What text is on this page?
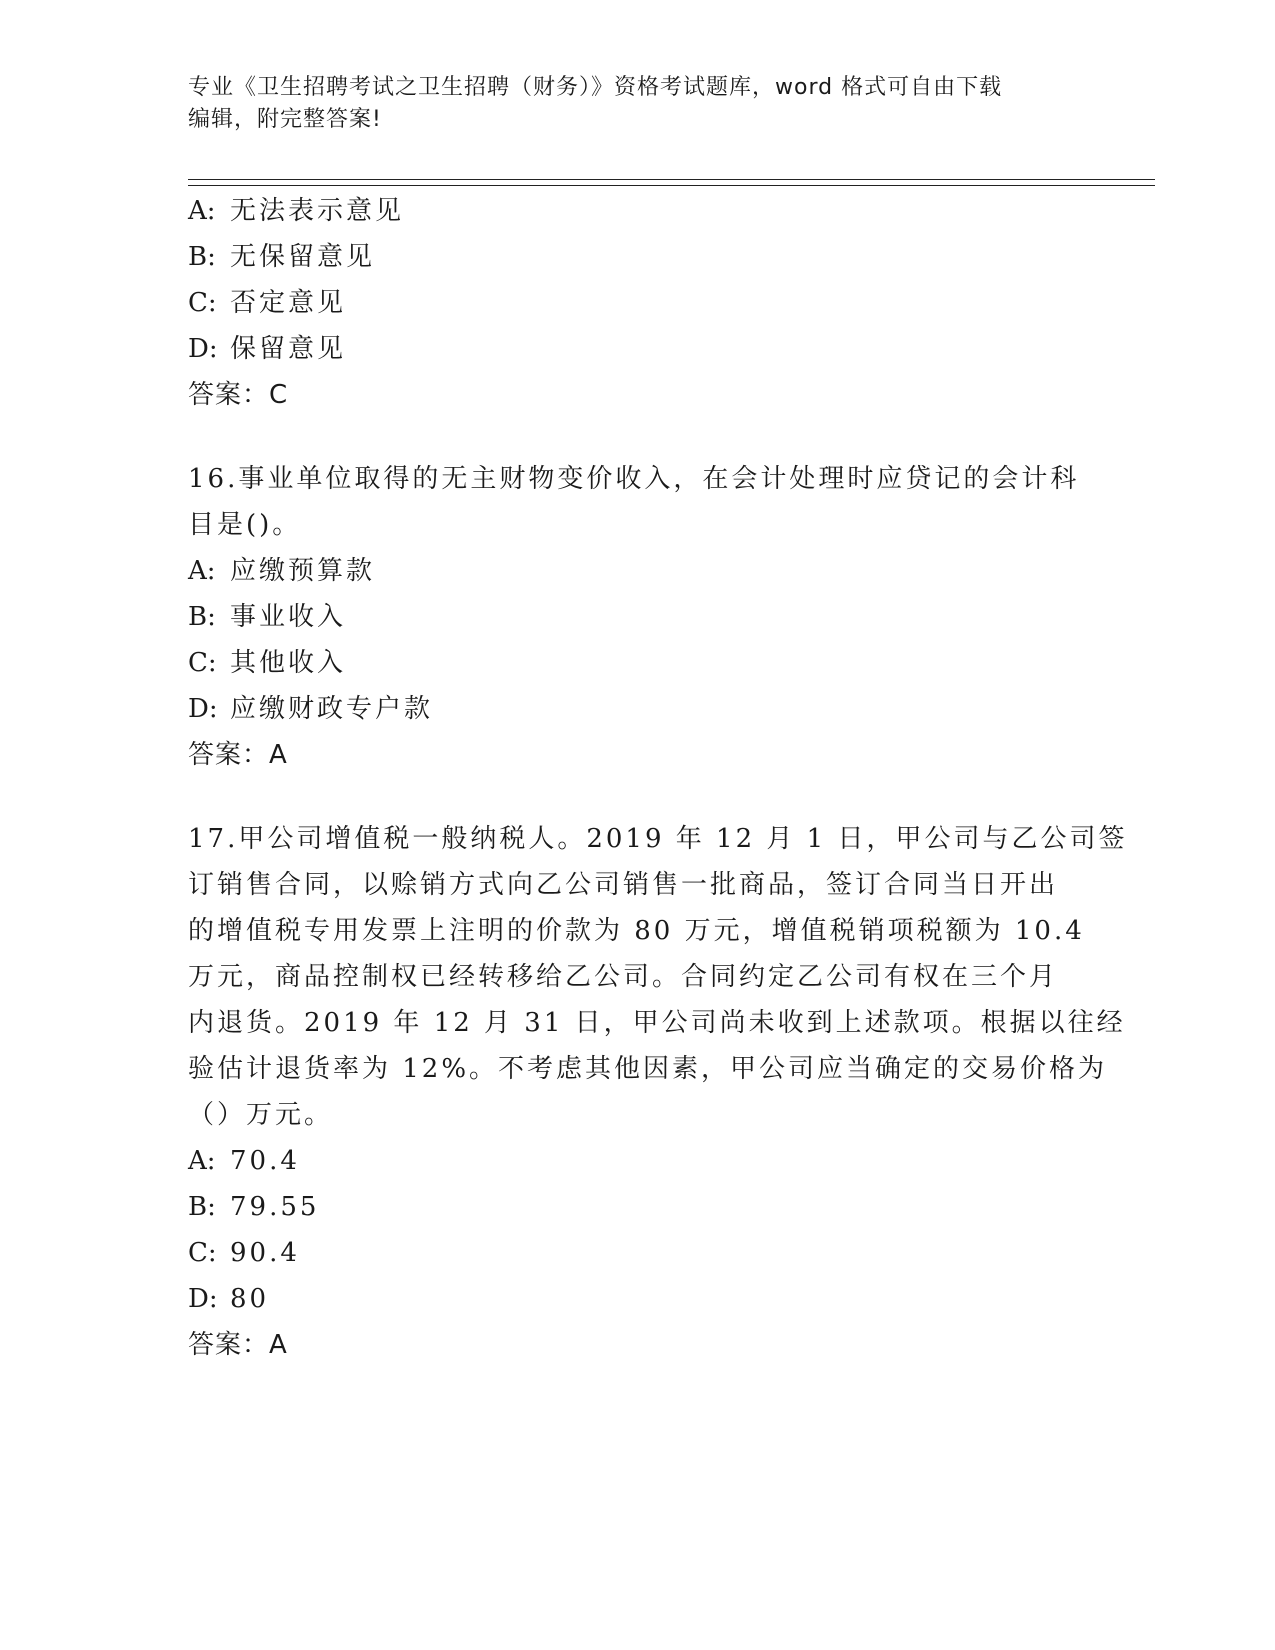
专业《卫生招聘考试之卫生招聘（财务）》资格考试题库，word 格式可自由下载
编辑，附完整答案!
A: 无法表示意见
B: 无保留意见
C: 否定意见
D: 保留意见
答案：C
16.事业单位取得的无主财物变价收入，在会计处理时应贷记的会计科
目是()。
A: 应缴预算款
B: 事业收入
C: 其他收入
D: 应缴财政专户款
答案：A
17.甲公司增值税一般纳税人。2019 年 12 月 1 日，甲公司与乙公司签
订销售合同，以赊销方式向乙公司销售一批商品，签订合同当日开出
的增值税专用发票上注明的价款为 80 万元，增值税销项税额为 10.4
万元，商品控制权已经转移给乙公司。合同约定乙公司有权在三个月
内退货。2019 年 12 月 31 日，甲公司尚未收到上述款项。根据以往经
验估计退货率为 12%。不考虑其他因素，甲公司应当确定的交易价格为
（）万元。
A: 70.4
B: 79.55
C: 90.4
D: 80
答案：A
